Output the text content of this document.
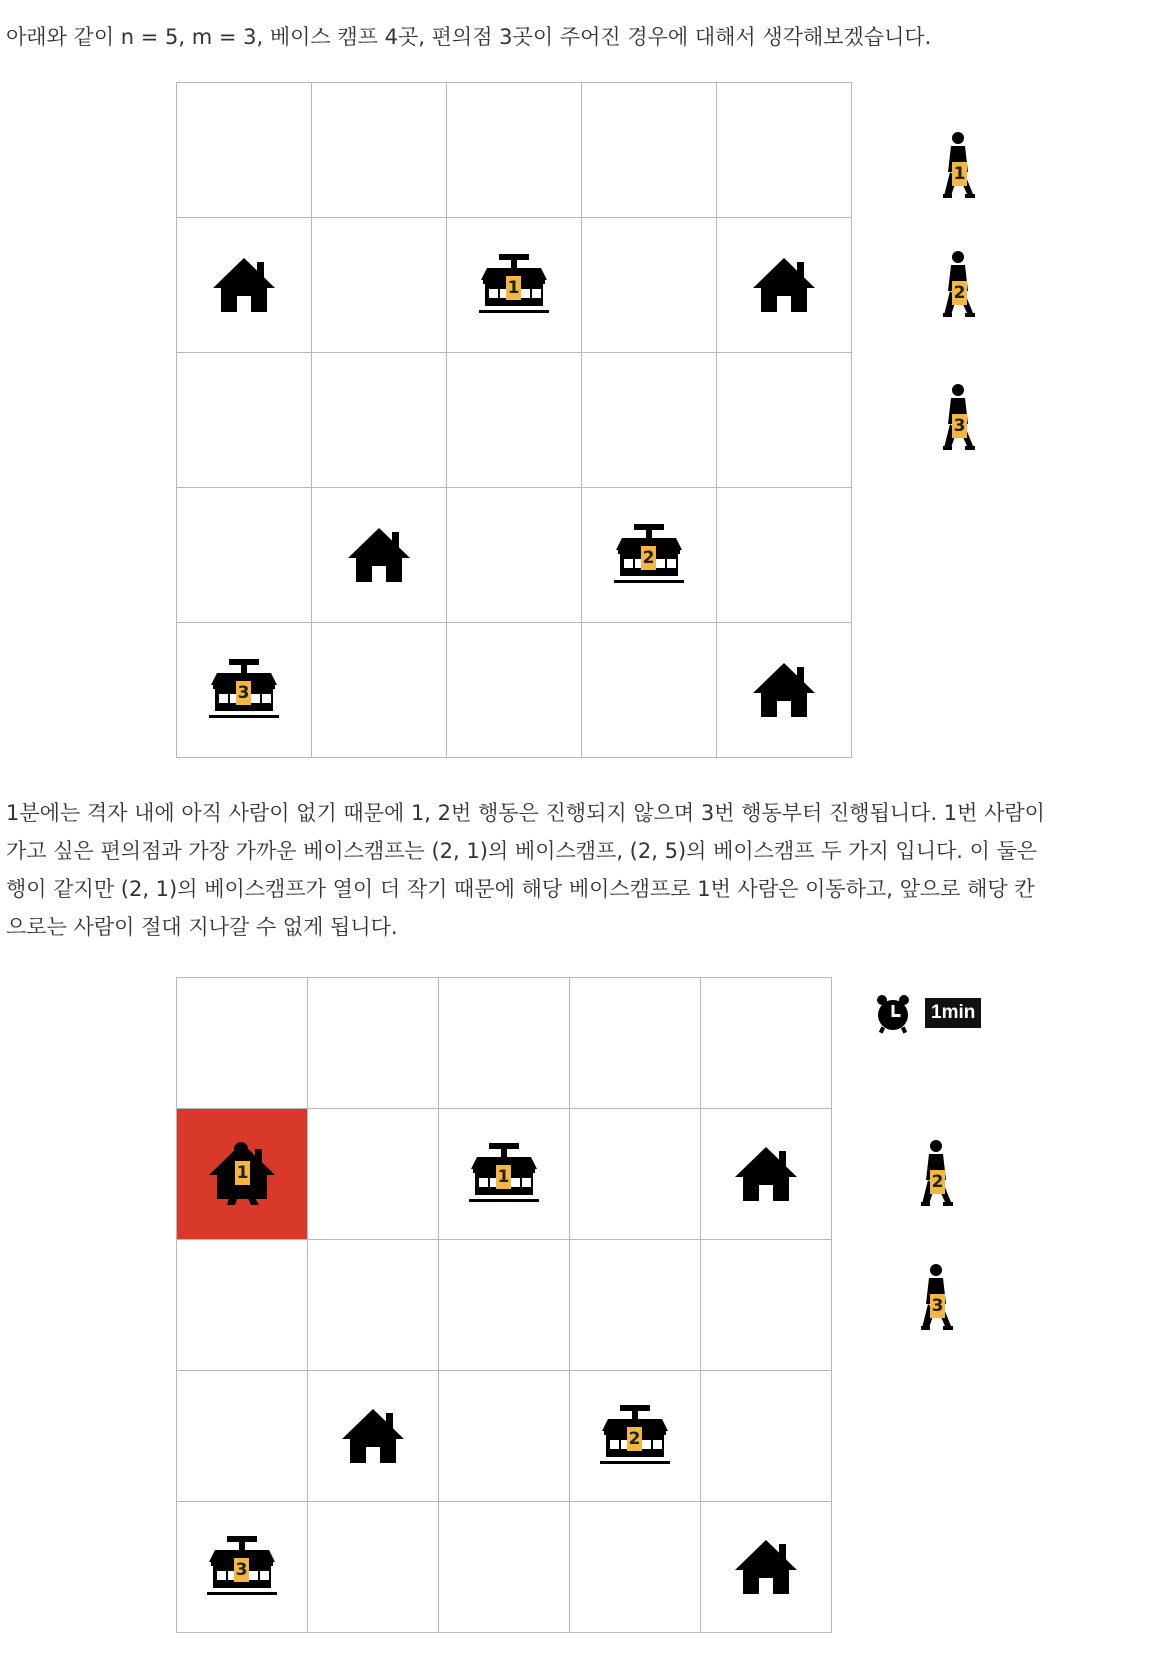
아래와 같이 n = 5, m = 3, 베이스 캠프 4곳, 편의점 3곳이 주어진 경우에 대해서 생각해보겠습니다.

1
2
3

1분에는 격자 내에 아직 사람이 없기 때문에 1, 2번 행동은 진행되지 않으며 3번 행동부터 진행됩니다. 1번 사람이
가고 싶은 편의점과 가장 가까운 베이스캠프는 (2, 1)의 베이스캠프, (2, 5)의 베이스캠프 두 가지 입니다. 이 둘은
행이 같지만 (2, 1)의 베이스캠프가 열이 더 작기 때문에 해당 베이스캠프로 1번 사람은 이동하고, 앞으로 해당 칸
으로는 사람이 절대 지나갈 수 없게 됩니다.

1	1
2
3
1min
1
2
3
2
3
